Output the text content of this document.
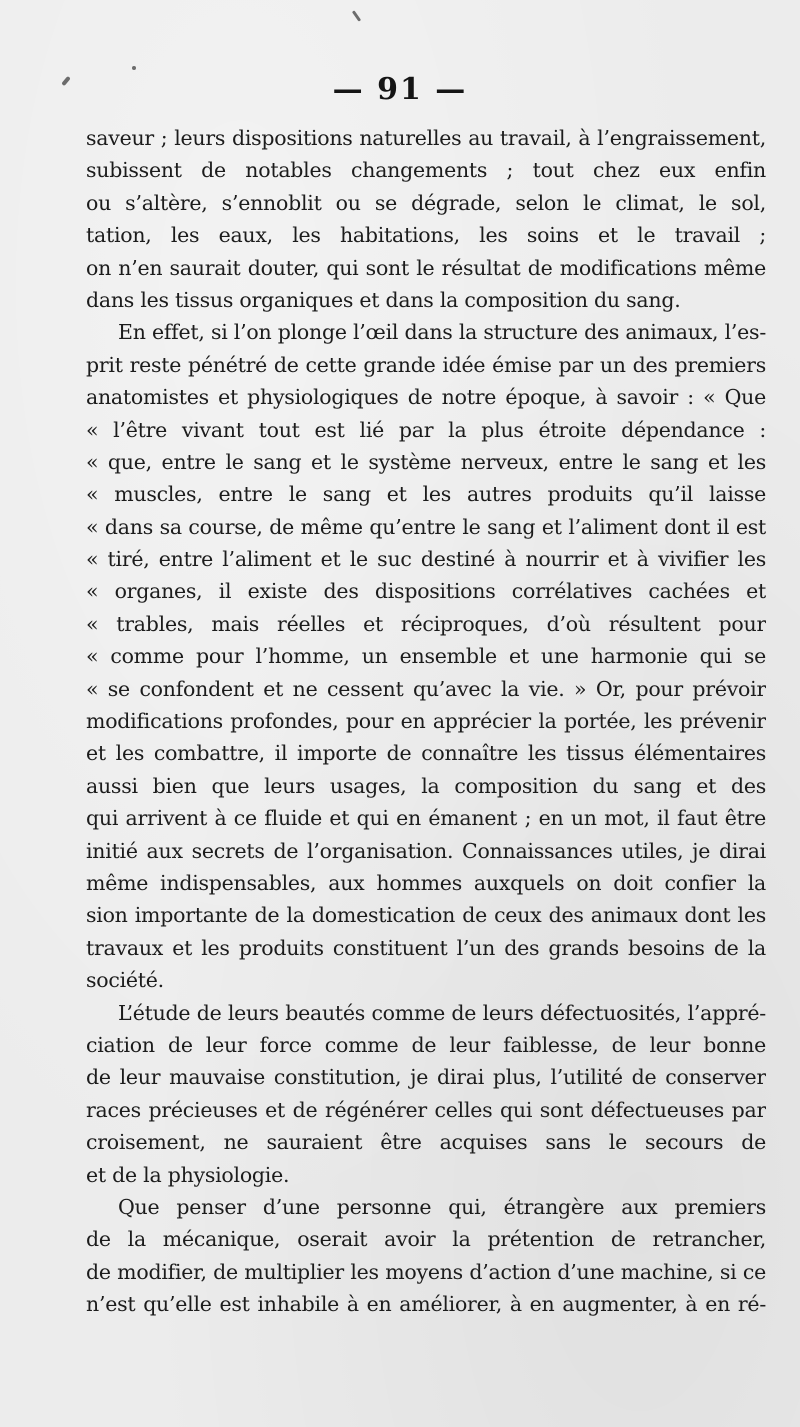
— 91 —
saveur ; leurs dispositions naturelles au travail, à l’engraissement,
subissent de notables changements ; tout chez eux enfin
ou s’altère, s’ennoblit ou se dégrade, selon le climat, le sol,
tation, les eaux, les habitations, les soins et le travail ;
on n’en saurait douter, qui sont le résultat de modifications même
dans les tissus organiques et dans la composition du sang.
En effet, si l’on plonge l’œil dans la structure des animaux, l’es-
prit reste pénétré de cette grande idée émise par un des premiers
anatomistes et physiologiques de notre époque, à savoir : « Que
« l’être vivant tout est lié par la plus étroite dépendance :
« que, entre le sang et le système nerveux, entre le sang et les
« muscles, entre le sang et les autres produits qu’il laisse
« dans sa course, de même qu’entre le sang et l’aliment dont il est
« tiré, entre l’aliment et le suc destiné à nourrir et à vivifier les
« organes, il existe des dispositions corrélatives cachées et
« trables, mais réelles et réciproques, d’où résultent pour
« comme pour l’homme, un ensemble et une harmonie qui se
« se confondent et ne cessent qu’avec la vie. » Or, pour prévoir
modifications profondes, pour en apprécier la portée, les prévenir
et les combattre, il importe de connaître les tissus élémentaires
aussi bien que leurs usages, la composition du sang et des
qui arrivent à ce fluide et qui en émanent ; en un mot, il faut être
initié aux secrets de l’organisation. Connaissances utiles, je dirai
même indispensables, aux hommes auxquels on doit confier la
sion importante de la domestication de ceux des animaux dont les
travaux et les produits constituent l’un des grands besoins de la
société.
L’étude de leurs beautés comme de leurs défectuosités, l’appré-
ciation de leur force comme de leur faiblesse, de leur bonne
de leur mauvaise constitution, je dirai plus, l’utilité de conserver
races précieuses et de régénérer celles qui sont défectueuses par
croisement, ne sauraient être acquises sans le secours de
et de la physiologie.
Que penser d’une personne qui, étrangère aux premiers
de la mécanique, oserait avoir la prétention de retrancher,
de modifier, de multiplier les moyens d’action d’une machine, si ce
n’est qu’elle est inhabile à en améliorer, à en augmenter, à en ré-
